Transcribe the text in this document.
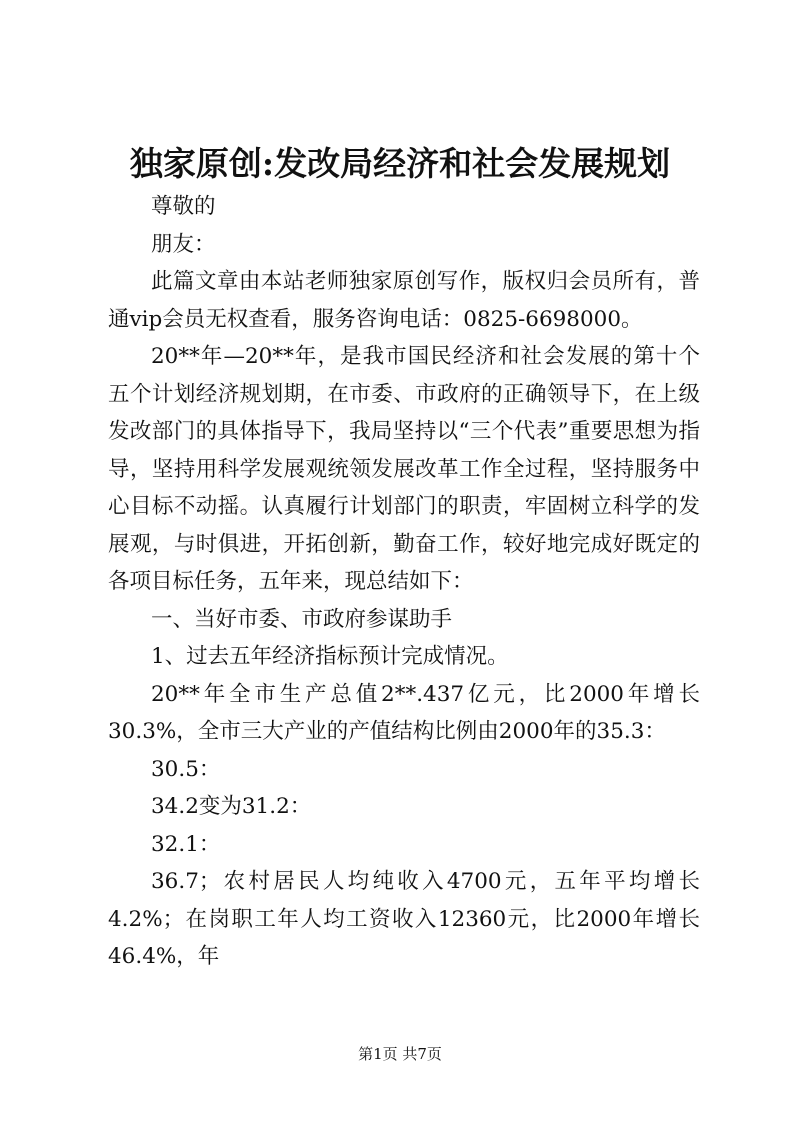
独家原创:发改局经济和社会发展规划

尊敬的

朋友：

此篇文章由本站老师独家原创写作，版权归会员所有，普通vip会员无权查看，服务咨询电话：0825-6698000。

20**年—20**年，是我市国民经济和社会发展的第十个五个计划经济规划期，在市委、市政府的正确领导下，在上级发改部门的具体指导下，我局坚持以“三个代表”重要思想为指导，坚持用科学发展观统领发展改革工作全过程，坚持服务中心目标不动摇。认真履行计划部门的职责，牢固树立科学的发展观，与时俱进，开拓创新，勤奋工作，较好地完成好既定的各项目标任务，五年来，现总结如下：

一、当好市委、市政府参谋助手

1、过去五年经济指标预计完成情况。

20**年全市生产总值2**.437亿元，比2000年增长30.3%，全市三大产业的产值结构比例由2000年的35.3：

30.5：

34.2变为31.2：

32.1：

36.7；农村居民人均纯收入4700元，五年平均增长4.2%；在岗职工年人均工资收入12360元，比2000年增长46.4%，年

第1页 共7页
